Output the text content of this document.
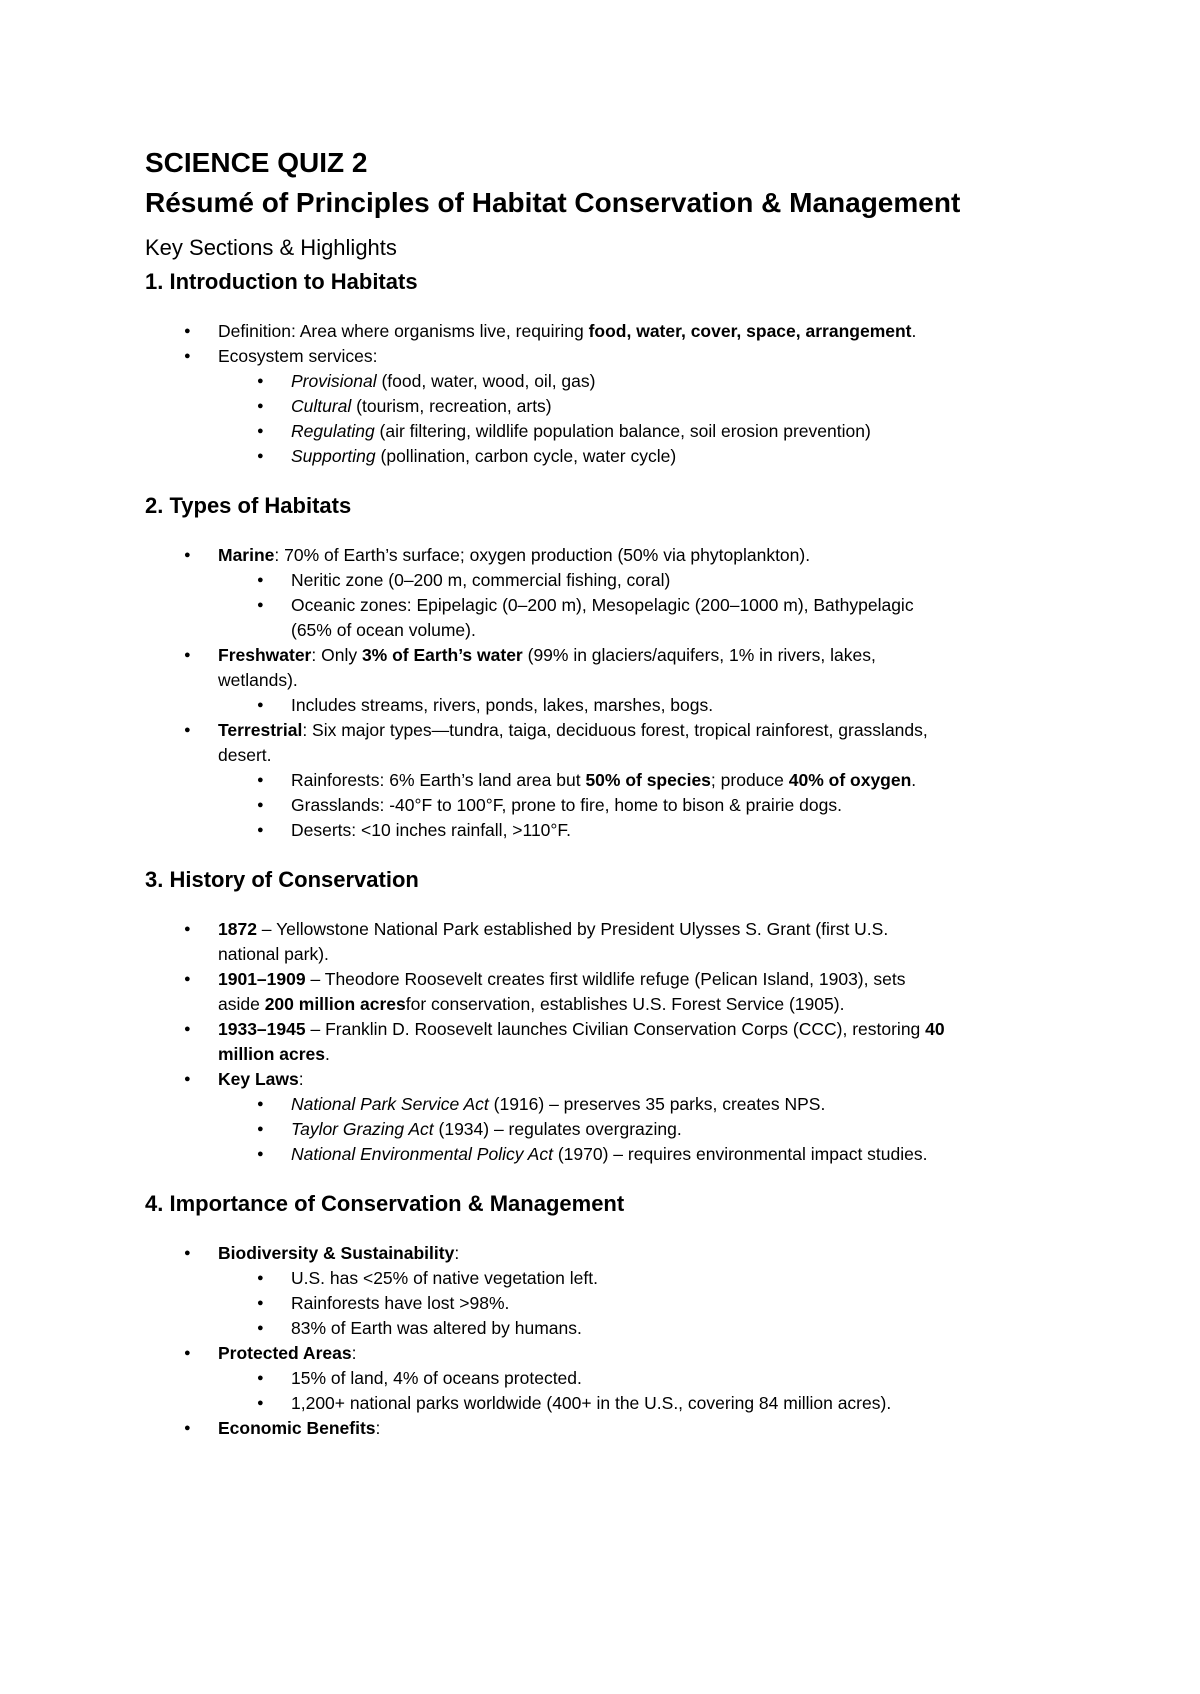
SCIENCE QUIZ 2
Résumé of Principles of Habitat Conservation & Management
Key Sections & Highlights
1. Introduction to Habitats
● Definition: Area where organisms live, requiring food, water, cover, space, arrangement.

● Ecosystem services:

● Provisional (food, water, wood, oil, gas)

● Cultural (tourism, recreation, arts)

● Regulating (air filtering, wildlife population balance, soil erosion prevention)

● Supporting (pollination, carbon cycle, water cycle)

2. Types of Habitats
● Marine: 70% of Earth’s surface; oxygen production (50% via phytoplankton).

● Neritic zone (0–200 m, commercial fishing, coral)

● Oceanic zones: Epipelagic (0–200 m), Mesopelagic (200–1000 m), Bathypelagic

(65% of ocean volume).

● Freshwater: Only 3% of Earth’s water (99% in glaciers/aquifers, 1% in rivers, lakes,

wetlands).

● Includes streams, rivers, ponds, lakes, marshes, bogs.

● Terrestrial: Six major types—tundra, taiga, deciduous forest, tropical rainforest, grasslands,

desert.

● Rainforests: 6% Earth’s land area but 50% of species; produce 40% of oxygen.

● Grasslands: -40°F to 100°F, prone to fire, home to bison & prairie dogs.

● Deserts: <10 inches rainfall, >110°F.

3. History of Conservation
● 1872 – Yellowstone National Park established by President Ulysses S. Grant (first U.S.

national park).

● 1901–1909 – Theodore Roosevelt creates first wildlife refuge (Pelican Island, 1903), sets

aside 200 million acresfor conservation, establishes U.S. Forest Service (1905).

● 1933–1945 – Franklin D. Roosevelt launches Civilian Conservation Corps (CCC), restoring 40

million acres.

● Key Laws:

● National Park Service Act (1916) – preserves 35 parks, creates NPS.

● Taylor Grazing Act (1934) – regulates overgrazing.

● National Environmental Policy Act (1970) – requires environmental impact studies.

4. Importance of Conservation & Management
● Biodiversity & Sustainability:

● U.S. has <25% of native vegetation left.

● Rainforests have lost >98%.

● 83% of Earth was altered by humans.

● Protected Areas:

● 15% of land, 4% of oceans protected.

● 1,200+ national parks worldwide (400+ in the U.S., covering 84 million acres).

● Economic Benefits:
